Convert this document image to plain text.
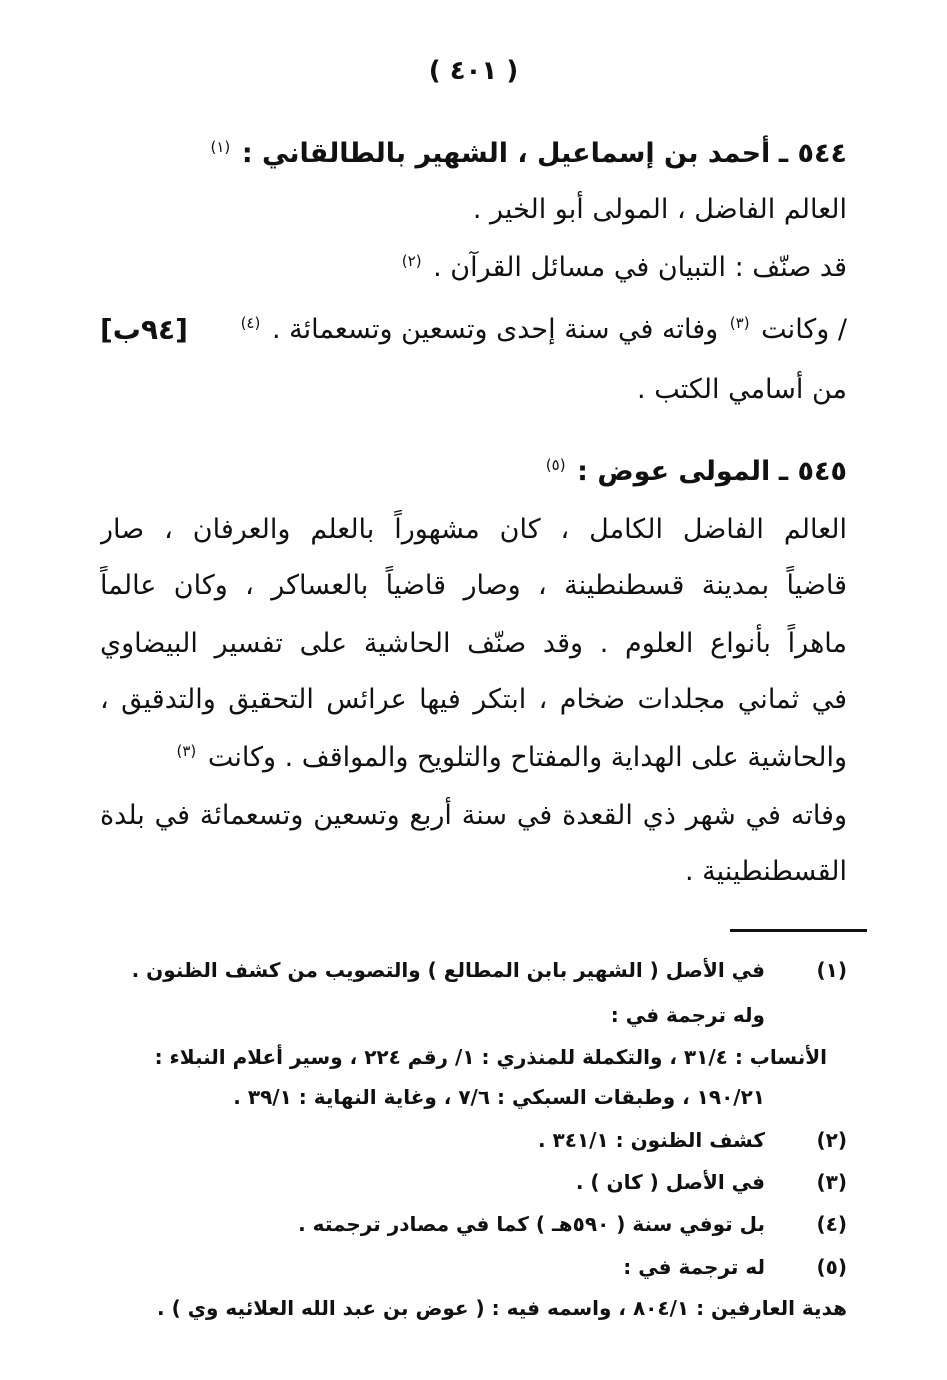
( ٤٠١ )
٥٤٤ ـ أحمد بن إسماعيل ، الشهير بالطالقاني : $^{(١)}$
العالم الفاضل ، المولى أبو الخير .
قد صنّف : التبيان في مسائل القرآن . $^{(٢)}$
/ وكانت $^{(٣)}$ وفاته في سنة إحدى وتسعين وتسعمائة . $^{(٤)}$
[٩٤ب]
من أسامي الكتب .
٥٤٥ ـ المولى عوض : $^{(٥)}$
العالم الفاضل الكامل ، كان مشهوراً بالعلم والعرفان ، صار
قاضياً بمدينة قسطنطينة ، وصار قاضياً بالعساكر ، وكان عالماً
ماهراً بأنواع العلوم . وقد صنّف الحاشية على تفسير البيضاوي
في ثماني مجلدات ضخام ، ابتكر فيها عرائس التحقيق والتدقيق ،
والحاشية على الهداية والمفتاح والتلويح والمواقف . وكانت $^{(٣)}$
وفاته في شهر ذي القعدة في سنة أربع وتسعين وتسعمائة في بلدة
القسطنطينية .
(١)
في الأصل ( الشهير بابن المطالع ) والتصويب من كشف الظنون .
وله ترجمة في :
الأنساب : ٣١/٤ ، والتكملة للمنذري : ١/ رقم ٢٢٤ ، وسير أعلام النبلاء :
١٩٠/٢١ ، وطبقات السبكي : ٧/٦ ، وغاية النهاية : ٣٩/١ .
(٢)
كشف الظنون : ٣٤١/١ .
(٣)
في الأصل ( كان ) .
(٤)
بل توفي سنة ( ٥٩٠هـ ) كما في مصادر ترجمته .
(٥)
له ترجمة في :
هدية العارفين : ٨٠٤/١ ، واسمه فيه : ( عوض بن عبد الله العلائيه وي ) .
